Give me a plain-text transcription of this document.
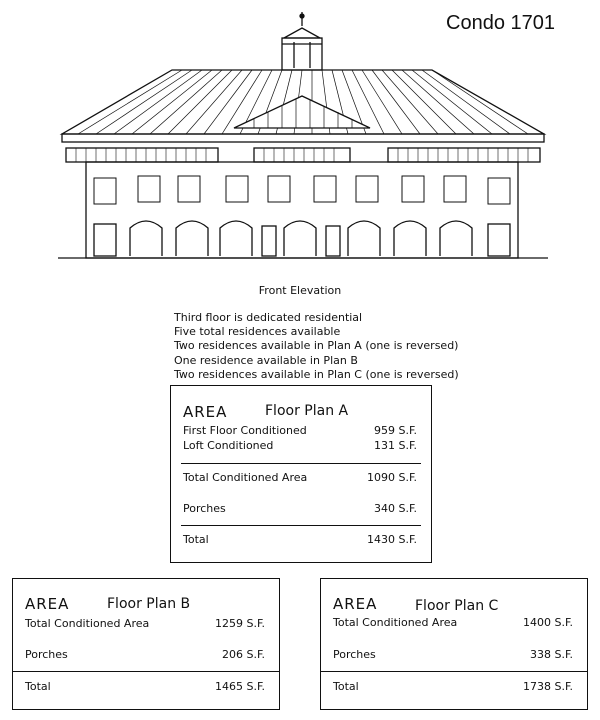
Condo 1701
Front Elevation
Third floor is dedicated residential
Five total residences available
Two residences available in Plan A (one is reversed)
One residence available in Plan B
Two residences available in Plan C (one is reversed)
AREA	Floor Plan A
First Floor Conditioned	959 S.F.
Loft Conditioned	131 S.F.
Total Conditioned Area	1090 S.F.
Porches	340 S.F.
Total	1430 S.F.
AREA	Floor Plan B
Total Conditioned Area	1259 S.F.
Porches	206 S.F.
Total	1465 S.F.
AREA	Floor Plan C
Total Conditioned Area	1400 S.F.
Porches	338 S.F.
Total	1738 S.F.
